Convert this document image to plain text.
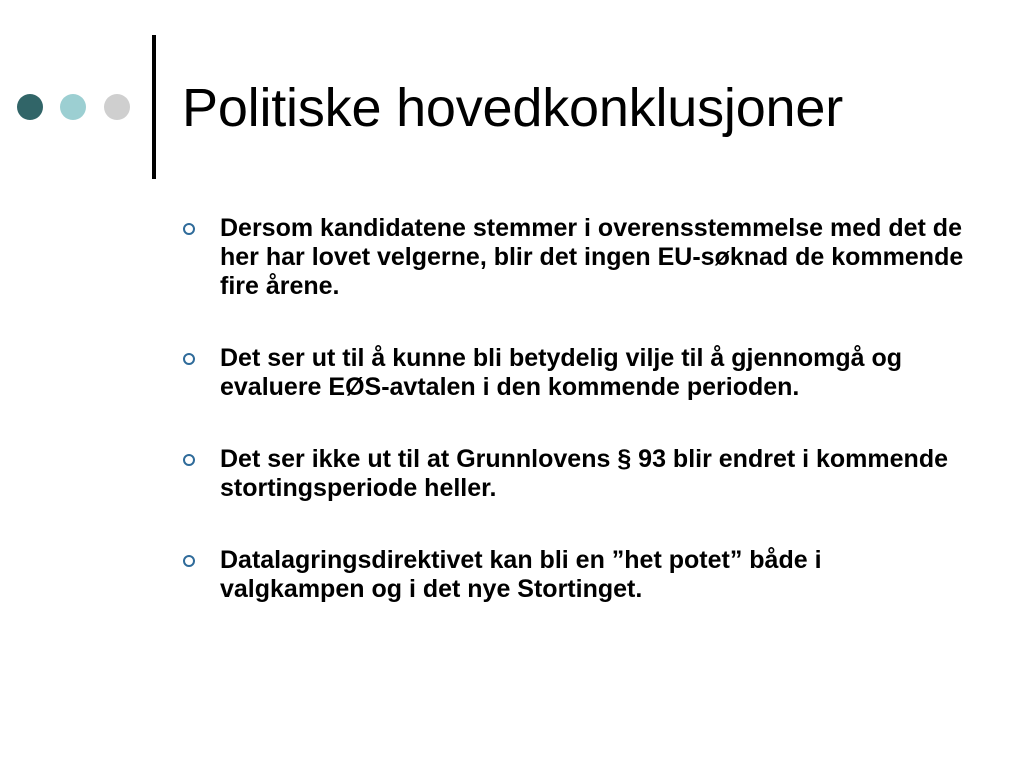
Politiske hovedkonklusjoner
Dersom kandidatene stemmer i overensstemmelse med det de her har lovet velgerne, blir det ingen EU-søknad de kommende fire årene.
Det ser ut til å kunne bli betydelig vilje til å gjennomgå og evaluere EØS-avtalen i den kommende perioden.
Det ser ikke ut til at Grunnlovens § 93 blir endret i kommende stortingsperiode heller.
Datalagringsdirektivet kan bli en ”het potet” både i valgkampen og i det nye Stortinget.
